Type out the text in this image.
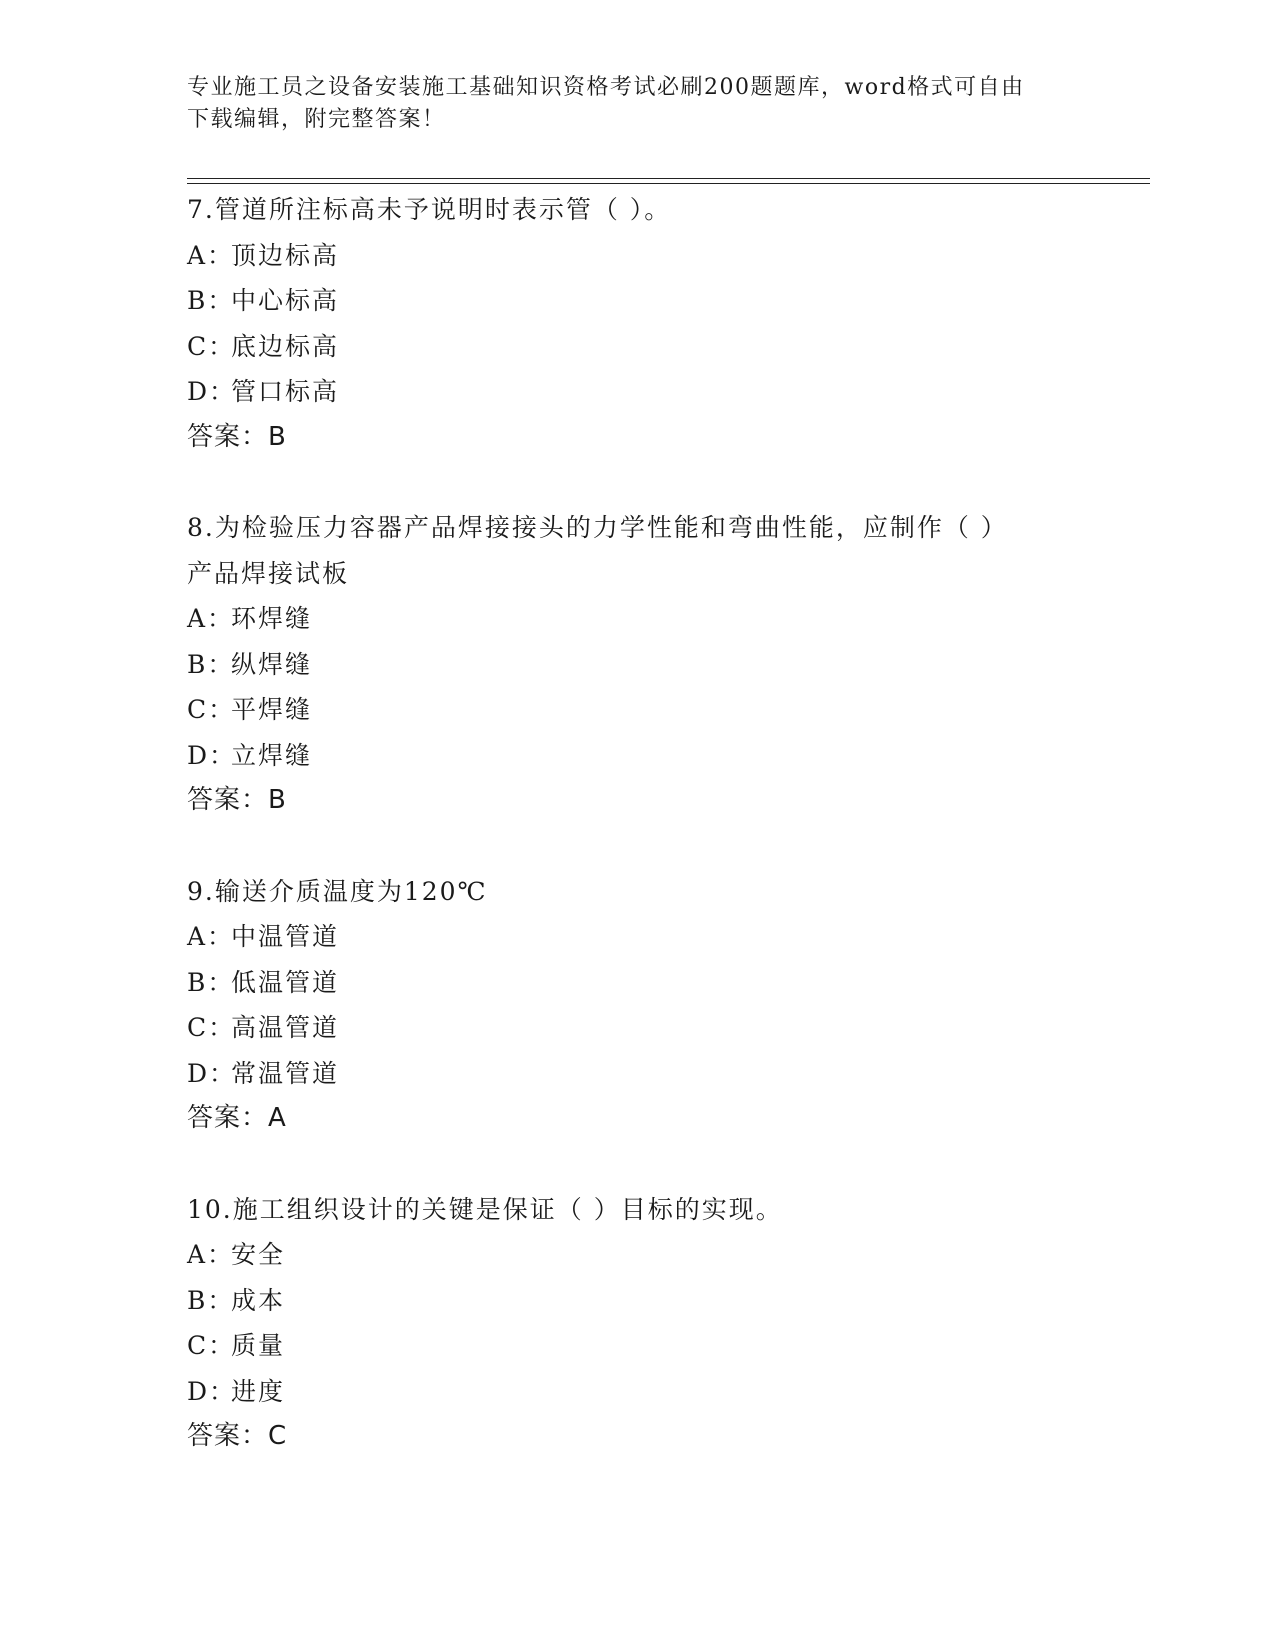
专业施工员之设备安装施工基础知识资格考试必刷200题题库，word格式可自由
下载编辑，附完整答案！
7.管道所注标高未予说明时表示管（ ）。
A：顶边标高
B：中心标高
C：底边标高
D：管口标高
答案：B
8.为检验压力容器产品焊接接头的力学性能和弯曲性能，应制作（ ）
产品焊接试板
A：环焊缝
B：纵焊缝
C：平焊缝
D：立焊缝
答案：B
9.输送介质温度为120℃
A：中温管道
B：低温管道
C：高温管道
D：常温管道
答案：A
10.施工组织设计的关键是保证（ ）目标的实现。
A：安全
B：成本
C：质量
D：进度
答案：C
